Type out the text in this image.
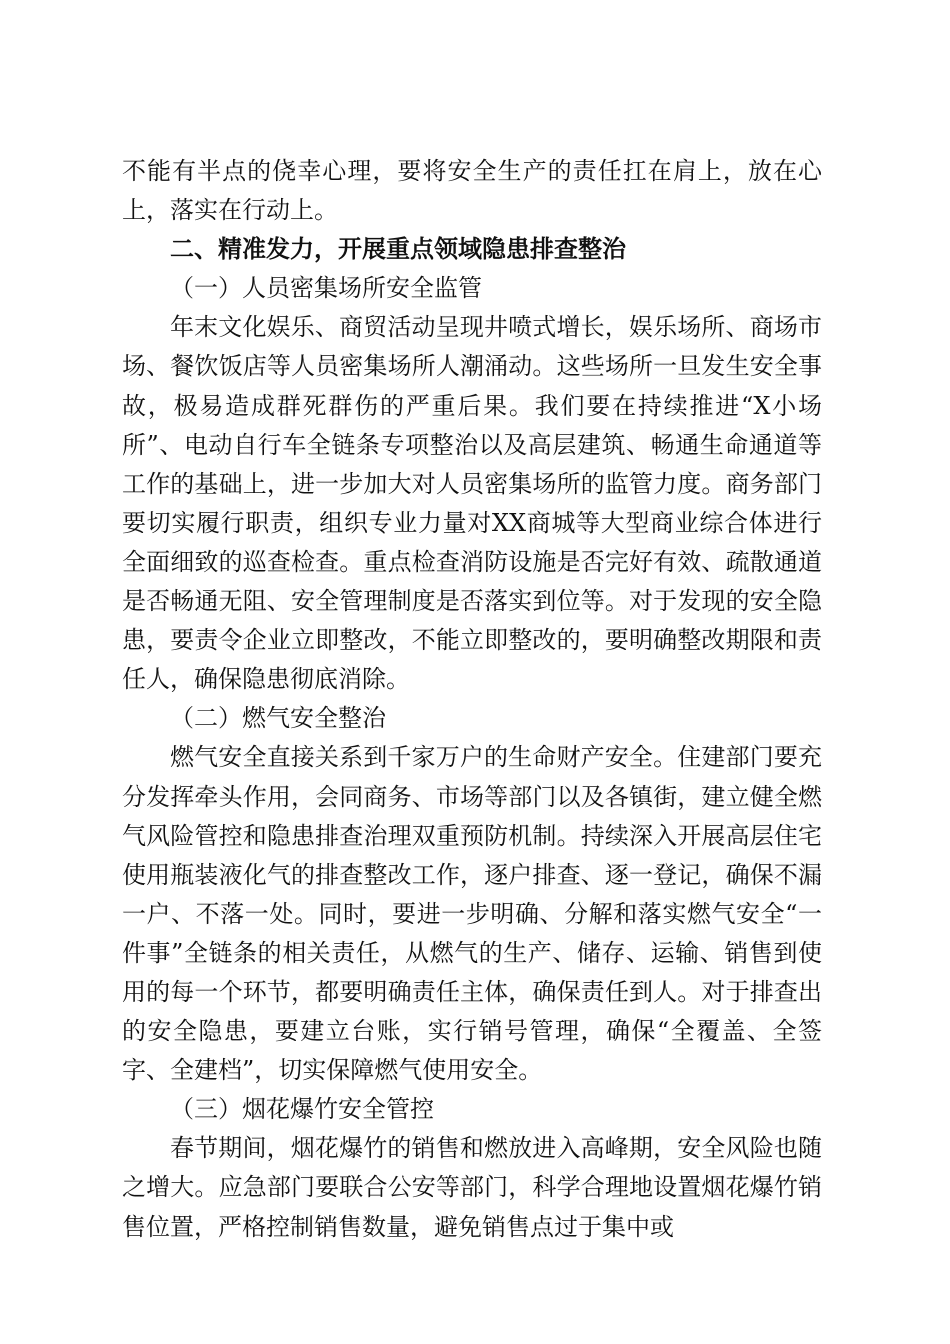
不能有半点的侥幸心理，要将安全生产的责任扛在肩上，放在心上，落实在行动上。

二、精准发力，开展重点领域隐患排查整治

（一）人员密集场所安全监管

年末文化娱乐、商贸活动呈现井喷式增长，娱乐场所、商场市场、餐饮饭店等人员密集场所人潮涌动。这些场所一旦发生安全事故，极易造成群死群伤的严重后果。我们要在持续推进“X小场所”、电动自行车全链条专项整治以及高层建筑、畅通生命通道等工作的基础上，进一步加大对人员密集场所的监管力度。商务部门要切实履行职责，组织专业力量对XX商城等大型商业综合体进行全面细致的巡查检查。重点检查消防设施是否完好有效、疏散通道是否畅通无阻、安全管理制度是否落实到位等。对于发现的安全隐患，要责令企业立即整改，不能立即整改的，要明确整改期限和责任人，确保隐患彻底消除。

（二）燃气安全整治

燃气安全直接关系到千家万户的生命财产安全。住建部门要充分发挥牵头作用，会同商务、市场等部门以及各镇街，建立健全燃气风险管控和隐患排查治理双重预防机制。持续深入开展高层住宅使用瓶装液化气的排查整改工作，逐户排查、逐一登记，确保不漏一户、不落一处。同时，要进一步明确、分解和落实燃气安全“一件事”全链条的相关责任，从燃气的生产、储存、运输、销售到使用的每一个环节，都要明确责任主体，确保责任到人。对于排查出的安全隐患，要建立台账，实行销号管理，确保“全覆盖、全签字、全建档”，切实保障燃气使用安全。

（三）烟花爆竹安全管控

春节期间，烟花爆竹的销售和燃放进入高峰期，安全风险也随之增大。应急部门要联合公安等部门，科学合理地设置烟花爆竹销售位置，严格控制销售数量，避免销售点过于集中或
